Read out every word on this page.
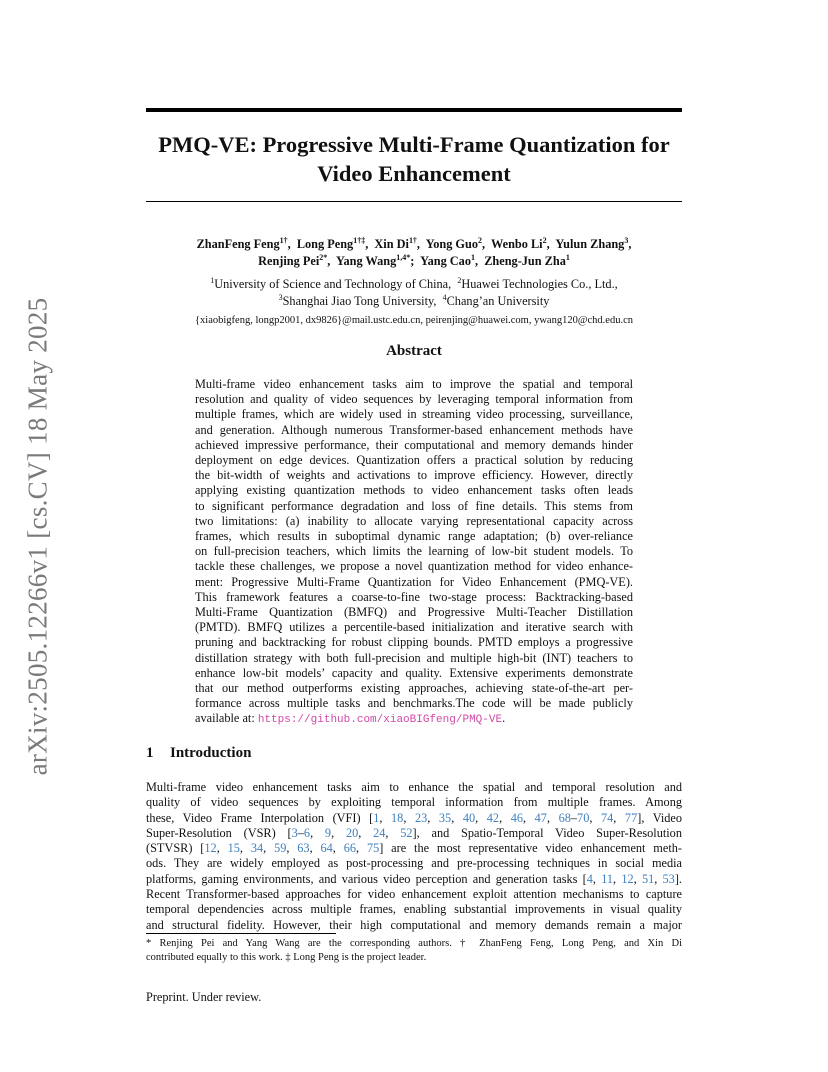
arXiv:2505.12266v1 [cs.CV] 18 May 2025
PMQ-VE: Progressive Multi-Frame Quantization for
Video Enhancement
ZhanFeng Feng$^{1\dagger}$,  Long Peng$^{1\dagger\ddagger}$,  Xin $Di^{1\dagger}$,  Yong Guo$^2$,  Wenbo Li$^2$,  Yulun Zhang$^3$,
Renjing Pei$^{2*}$,  Yang Wang$^{1,4*}$;  Yang Cao$^1$,  Zheng-Jun Zha$^1$
$^1$University of Science and Technology of China, $^2$Huawei Technologies Co., Ltd.,
$^3$Shanghai Jiao Tong University, $^4$Chang’an University
{xiaobigfeng, longp2001, dx9826}@mail.ustc.edu.cn, peirenjing@huawei.com, ywang120@chd.edu.cn
Abstract
Multi-frame video enhancement tasks aim to improve the spatial and temporal
resolution and quality of video sequences by leveraging temporal information from
multiple frames, which are widely used in streaming video processing, surveillance,
and generation. Although numerous Transformer-based enhancement methods have
achieved impressive performance, their computational and memory demands hinder
deployment on edge devices. Quantization offers a practical solution by reducing
the bit-width of weights and activations to improve efficiency. However, directly
applying existing quantization methods to video enhancement tasks often leads
to significant performance degradation and loss of fine details. This stems from
two limitations: (a) inability to allocate varying representational capacity across
frames, which results in suboptimal dynamic range adaptation; (b) over-reliance
on full-precision teachers, which limits the learning of low-bit student models. To
tackle these challenges, we propose a novel quantization method for video enhance-
ment: Progressive Multi-Frame Quantization for Video Enhancement (PMQ-VE).
This framework features a coarse-to-fine two-stage process: Backtracking-based
Multi-Frame Quantization (BMFQ) and Progressive Multi-Teacher Distillation
(PMTD). BMFQ utilizes a percentile-based initialization and iterative search with
pruning and backtracking for robust clipping bounds. PMTD employs a progressive
distillation strategy with both full-precision and multiple high-bit (INT) teachers to
enhance low-bit models’ capacity and quality. Extensive experiments demonstrate
that our method outperforms existing approaches, achieving state-of-the-art per-
formance across multiple tasks and benchmarks.The code will be made publicly
available at: https://github.com/xiaoBIGfeng/PMQ-VE.
1 Introduction
Multi-frame video enhancement tasks aim to enhance the spatial and temporal resolution and
quality of video sequences by exploiting temporal information from multiple frames. Among
these, Video Frame Interpolation (VFI) [1, 18, 23, 35, 40, 42, 46, 47, 68–70, 74, 77], Video
Super-Resolution (VSR) [3–6, 9, 20, 24, 52], and Spatio-Temporal Video Super-Resolution
(STVSR) [12, 15, 34, 59, 63, 64, 66, 75] are the most representative video enhancement meth-
ods. They are widely employed as post-processing and pre-processing techniques in social media
platforms, gaming environments, and various video perception and generation tasks [4, 11, 12, 51, 53].
Recent Transformer-based approaches for video enhancement exploit attention mechanisms to capture
temporal dependencies across multiple frames, enabling substantial improvements in visual quality
and structural fidelity. However, their high computational and memory demands remain a major
* Renjing Pei and Yang Wang are the corresponding authors. † ZhanFeng Feng, Long Peng, and Xin Di
contributed equally to this work. ‡ Long Peng is the project leader.
Preprint. Under review.
